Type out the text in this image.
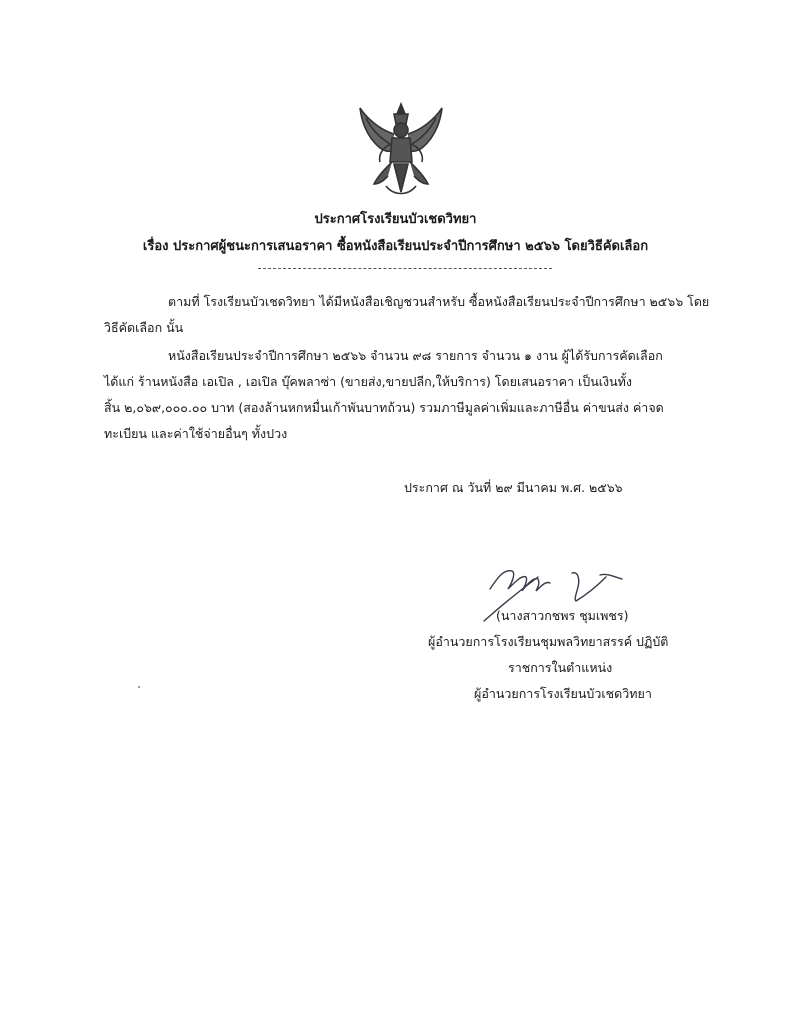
ประกาศโรงเรียนบัวเชดวิทยา
เรื่อง ประกาศผู้ชนะการเสนอราคา ซื้อหนังสือเรียนประจำปีการศึกษา ๒๕๖๖ โดยวิธีคัดเลือก
ตามที่ โรงเรียนบัวเชดวิทยา ได้มีหนังสือเชิญชวนสำหรับ ซื้อหนังสือเรียนประจำปีการศึกษา ๒๕๖๖ โดย
วิธีคัดเลือก นั้น
หนังสือเรียนประจำปีการศึกษา ๒๕๖๖ จำนวน ๙๘ รายการ จำนวน ๑ งาน ผู้ได้รับการคัดเลือก
ได้แก่ ร้านหนังสือ เอเปิล , เอเปิล บุ๊คพลาซ่า (ขายส่ง,ขายปลีก,ให้บริการ) โดยเสนอราคา เป็นเงินทั้ง
สิ้น ๒,๐๖๙,๐๐๐.๐๐ บาท (สองล้านหกหมื่นเก้าพันบาทถ้วน) รวมภาษีมูลค่าเพิ่มและภาษีอื่น ค่าขนส่ง ค่าจด
ทะเบียน และค่าใช้จ่ายอื่นๆ ทั้งปวง
ประกาศ ณ วันที่ ๒๙ มีนาคม พ.ศ. ๒๕๖๖
(นางสาวกชพร ชุมเพชร)
ผู้อำนวยการโรงเรียนชุมพลวิทยาสรรค์ ปฏิบัติ
ราชการในตำแหน่ง
ผู้อำนวยการโรงเรียนบัวเชดวิทยา
